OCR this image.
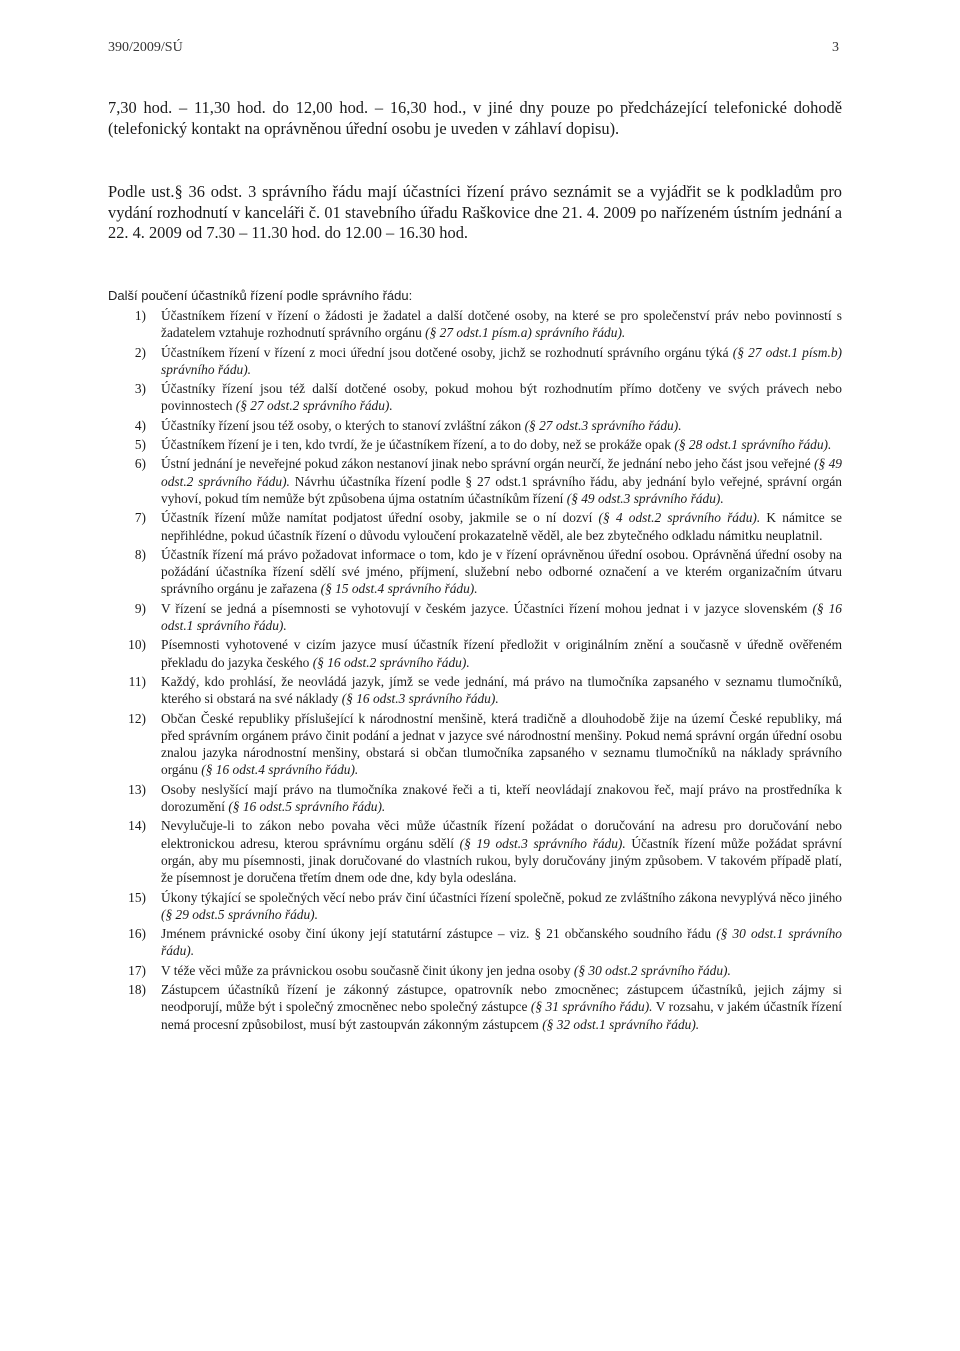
390/2009/SÚ	3

7,30 hod. – 11,30 hod. do 12,00 hod. – 16,30 hod., v jiné dny pouze po předcházející telefonické dohodě (telefonický kontakt na oprávněnou úřední osobu je uveden v záhlaví dopisu).

Podle ust.§ 36 odst. 3 správního řádu mají účastníci řízení právo seznámit se a vyjádřit se k podkladům pro vydání rozhodnutí v kanceláři č. 01 stavebního úřadu Raškovice dne 21. 4. 2009 po nařízeném ústním jednání a 22. 4. 2009 od 7.30 – 11.30 hod. do 12.00 – 16.30 hod.

Další poučení účastníků řízení podle správního řádu:

1) Účastníkem řízení v řízení o žádosti je žadatel a další dotčené osoby, na které se pro společenství práv nebo povinností s žadatelem vztahuje rozhodnutí správního orgánu (§ 27 odst.1 písm.a) správního řádu).
2) Účastníkem řízení v řízení z moci úřední jsou dotčené osoby, jichž se rozhodnutí správního orgánu týká (§ 27 odst.1 písm.b) správního řádu).
3) Účastníky řízení jsou též další dotčené osoby, pokud mohou být rozhodnutím přímo dotčeny ve svých právech nebo povinnostech (§ 27 odst.2 správního řádu).
4) Účastníky řízení jsou též osoby, o kterých to stanoví zvláštní zákon (§ 27 odst.3 správního řádu).
5) Účastníkem řízení je i ten, kdo tvrdí, že je účastníkem řízení, a to do doby, než se prokáže opak (§ 28 odst.1 správního řádu).
6) Ústní jednání je neveřejné pokud zákon nestanoví jinak nebo správní orgán neurčí, že jednání nebo jeho část jsou veřejné (§ 49 odst.2 správního řádu). Návrhu účastníka řízení podle § 27 odst.1 správního řádu, aby jednání bylo veřejné, správní orgán vyhoví, pokud tím nemůže být způsobena újma ostatním účastníkům řízení (§ 49 odst.3 správního řádu).
7) Účastník řízení může namítat podjatost úřední osoby, jakmile se o ní dozví (§ 4 odst.2 správního řádu). K námitce se nepřihlédne, pokud účastník řízení o důvodu vyloučení prokazatelně věděl, ale bez zbytečného odkladu námitku neuplatnil.
8) Účastník řízení má právo požadovat informace o tom, kdo je v řízení oprávněnou úřední osobou. Oprávněná úřední osoby na požádání účastníka řízení sdělí své jméno, příjmení, služební nebo odborné označení a ve kterém organizačním útvaru správního orgánu je zařazena (§ 15 odst.4 správního řádu).
9) V řízení se jedná a písemnosti se vyhotovují v českém jazyce. Účastníci řízení mohou jednat i v jazyce slovenském (§ 16 odst.1 správního řádu).
10) Písemnosti vyhotovené v cizím jazyce musí účastník řízení předložit v originálním znění a současně v úředně ověřeném překladu do jazyka českého (§ 16 odst.2 správního řádu).
11) Každý, kdo prohlásí, že neovládá jazyk, jímž se vede jednání, má právo na tlumočníka zapsaného v seznamu tlumočníků, kterého si obstará na své náklady (§ 16 odst.3 správního řádu).
12) Občan České republiky příslušející k národnostní menšině, která tradičně a dlouhodobě žije na území České republiky, má před správním orgánem právo činit podání a jednat v jazyce své národnostní menšiny. Pokud nemá správní orgán úřední osobu znalou jazyka národnostní menšiny, obstará si občan tlumočníka zapsaného v seznamu tlumočníků na náklady správního orgánu (§ 16 odst.4 správního řádu).
13) Osoby neslyšící mají právo na tlumočníka znakové řeči a ti, kteří neovládají znakovou řeč, mají právo na prostředníka k dorozumění (§ 16 odst.5 správního řádu).
14) Nevylučuje-li to zákon nebo povaha věci může účastník řízení požádat o doručování na adresu pro doručování nebo elektronickou adresu, kterou správnímu orgánu sdělí (§ 19 odst.3 správního řádu). Účastník řízení může požádat správní orgán, aby mu písemnosti, jinak doručované do vlastních rukou, byly doručovány jiným způsobem. V takovém případě platí, že písemnost je doručena třetím dnem ode dne, kdy byla odeslána.
15) Úkony týkající se společných věcí nebo práv činí účastníci řízení společně, pokud ze zvláštního zákona nevyplývá něco jiného (§ 29 odst.5 správního řádu).
16) Jménem právnické osoby činí úkony její statutární zástupce – viz. § 21 občanského soudního řádu (§ 30 odst.1 správního řádu).
17) V téže věci může za právnickou osobu současně činit úkony jen jedna osoby (§ 30 odst.2 správního řádu).
18) Zástupcem účastníků řízení je zákonný zástupce, opatrovník nebo zmocněnec; zástupcem účastníků, jejich zájmy si neodporují, může být i společný zmocněnec nebo společný zástupce (§ 31 správního řádu). V rozsahu, v jakém účastník řízení nemá procesní způsobilost, musí být zastoupván zákonným zástupcem (§ 32 odst.1 správního řádu).
